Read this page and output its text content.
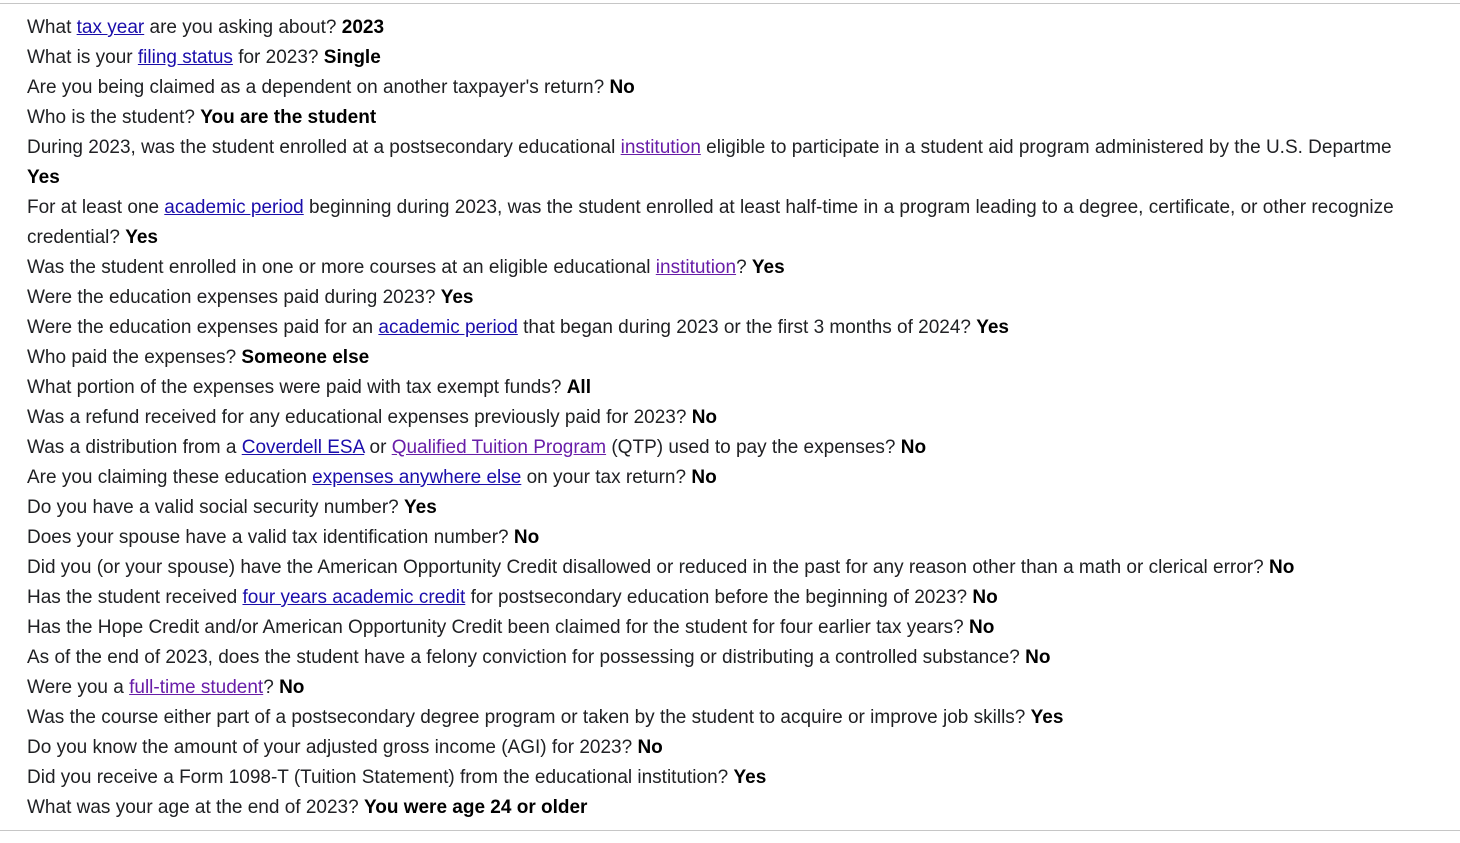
What tax year are you asking about? 2023
What is your filing status for 2023? Single
Are you being claimed as a dependent on another taxpayer's return? No
Who is the student? You are the student
During 2023, was the student enrolled at a postsecondary educational institution eligible to participate in a student aid program administered by the U.S. Departme
Yes
For at least one academic period beginning during 2023, was the student enrolled at least half-time in a program leading to a degree, certificate, or other recognize
credential? Yes
Was the student enrolled in one or more courses at an eligible educational institution? Yes
Were the education expenses paid during 2023? Yes
Were the education expenses paid for an academic period that began during 2023 or the first 3 months of 2024? Yes
Who paid the expenses? Someone else
What portion of the expenses were paid with tax exempt funds? All
Was a refund received for any educational expenses previously paid for 2023? No
Was a distribution from a Coverdell ESA or Qualified Tuition Program (QTP) used to pay the expenses? No
Are you claiming these education expenses anywhere else on your tax return? No
Do you have a valid social security number? Yes
Does your spouse have a valid tax identification number? No
Did you (or your spouse) have the American Opportunity Credit disallowed or reduced in the past for any reason other than a math or clerical error? No
Has the student received four years academic credit for postsecondary education before the beginning of 2023? No
Has the Hope Credit and/or American Opportunity Credit been claimed for the student for four earlier tax years? No
As of the end of 2023, does the student have a felony conviction for possessing or distributing a controlled substance? No
Were you a full-time student? No
Was the course either part of a postsecondary degree program or taken by the student to acquire or improve job skills? Yes
Do you know the amount of your adjusted gross income (AGI) for 2023? No
Did you receive a Form 1098-T (Tuition Statement) from the educational institution? Yes
What was your age at the end of 2023? You were age 24 or older
